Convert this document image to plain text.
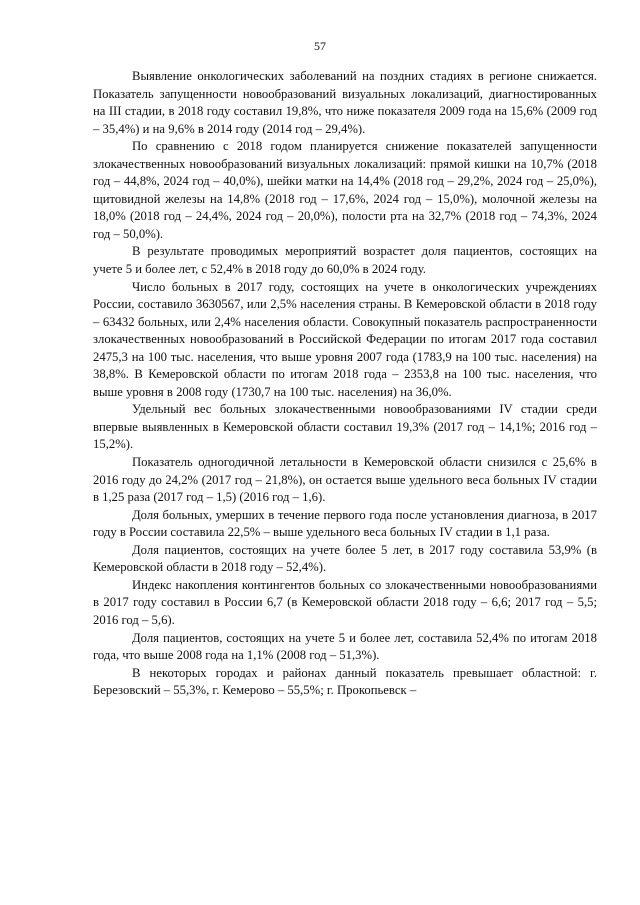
57

Выявление онкологических заболеваний на поздних стадиях в регионе снижается. Показатель запущенности новообразований визуальных локализаций, диагностированных на III стадии, в 2018 году составил 19,8%, что ниже показателя 2009 года на 15,6% (2009 год – 35,4%) и на 9,6% в 2014 году (2014 год – 29,4%).

По сравнению с 2018 годом планируется снижение показателей запущенности злокачественных новообразований визуальных локализаций: прямой кишки на 10,7% (2018 год – 44,8%, 2024 год – 40,0%), шейки матки на 14,4% (2018 год – 29,2%, 2024 год – 25,0%), щитовидной железы на 14,8% (2018 год – 17,6%, 2024 год – 15,0%), молочной железы на 18,0% (2018 год – 24,4%, 2024 год – 20,0%), полости рта на 32,7% (2018 год – 74,3%, 2024 год – 50,0%).

В результате проводимых мероприятий возрастет доля пациентов, состоящих на учете 5 и более лет, с 52,4% в 2018 году до 60,0% в 2024 году.

Число больных в 2017 году, состоящих на учете в онкологических учреждениях России, составило 3630567, или 2,5% населения страны. В Кемеровской области в 2018 году – 63432 больных, или 2,4% населения области. Совокупный показатель распространенности злокачественных новообразований в Российской Федерации по итогам 2017 года составил 2475,3 на 100 тыс. населения, что выше уровня 2007 года (1783,9 на 100 тыс. населения) на 38,8%. В Кемеровской области по итогам 2018 года – 2353,8 на 100 тыс. населения, что выше уровня в 2008 году (1730,7 на 100 тыс. населения) на 36,0%.

Удельный вес больных злокачественными новообразованиями IV стадии среди впервые выявленных в Кемеровской области составил 19,3% (2017 год – 14,1%; 2016 год – 15,2%).

Показатель одногодичной летальности в Кемеровской области снизился с 25,6% в 2016 году до 24,2% (2017 год – 21,8%), он остается выше удельного веса больных IV стадии в 1,25 раза (2017 год – 1,5) (2016 год – 1,6).

Доля больных, умерших в течение первого года после установления диагноза, в 2017 году в России составила 22,5% – выше удельного веса больных IV стадии в 1,1 раза.

Доля пациентов, состоящих на учете более 5 лет, в 2017 году составила 53,9% (в Кемеровской области в 2018 году – 52,4%).

Индекс накопления контингентов больных со злокачественными новообразованиями в 2017 году составил в России 6,7 (в Кемеровской области 2018 году – 6,6; 2017 год – 5,5; 2016 год – 5,6).

Доля пациентов, состоящих на учете 5 и более лет, составила 52,4% по итогам 2018 года, что выше 2008 года на 1,1% (2008 год – 51,3%).

В некоторых городах и районах данный показатель превышает областной: г. Березовский – 55,3%, г. Кемерово – 55,5%; г. Прокопьевск –
